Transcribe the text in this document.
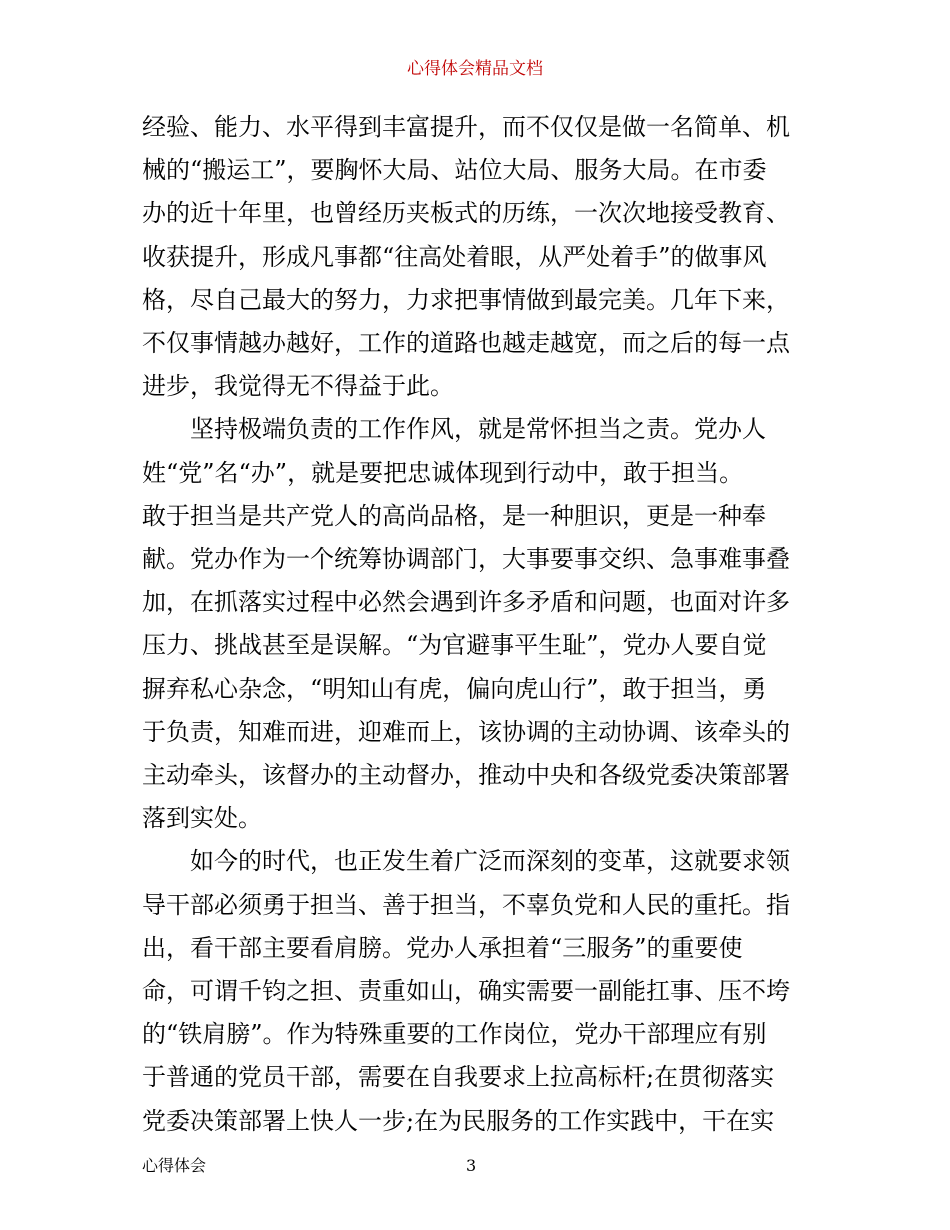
心得体会精品文档

经验、能力、水平得到丰富提升，而不仅仅是做一名简单、机
械的“搬运工”，要胸怀大局、站位大局、服务大局。在市委
办的近十年里，也曾经历夹板式的历练，一次次地接受教育、
收获提升，形成凡事都“往高处着眼，从严处着手”的做事风
格，尽自己最大的努力，力求把事情做到最完美。几年下来，
不仅事情越办越好，工作的道路也越走越宽，而之后的每一点
进步，我觉得无不得益于此。

坚持极端负责的工作作风，就是常怀担当之责。党办人
姓“党”名“办”，就是要把忠诚体现到行动中，敢于担当。
敢于担当是共产党人的高尚品格，是一种胆识，更是一种奉
献。党办作为一个统筹协调部门，大事要事交织、急事难事叠
加，在抓落实过程中必然会遇到许多矛盾和问题，也面对许多
压力、挑战甚至是误解。“为官避事平生耻”，党办人要自觉
摒弃私心杂念，“明知山有虎，偏向虎山行”，敢于担当，勇
于负责，知难而进，迎难而上，该协调的主动协调、该牵头的
主动牵头，该督办的主动督办，推动中央和各级党委决策部署
落到实处。

如今的时代，也正发生着广泛而深刻的变革，这就要求领
导干部必须勇于担当、善于担当，不辜负党和人民的重托。指
出，看干部主要看肩膀。党办人承担着“三服务”的重要使
命，可谓千钧之担、责重如山，确实需要一副能扛事、压不垮
的“铁肩膀”。作为特殊重要的工作岗位，党办干部理应有别
于普通的党员干部，需要在自我要求上拉高标杆;在贯彻落实
党委决策部署上快人一步;在为民服务的工作实践中，干在实

心得体会	3
